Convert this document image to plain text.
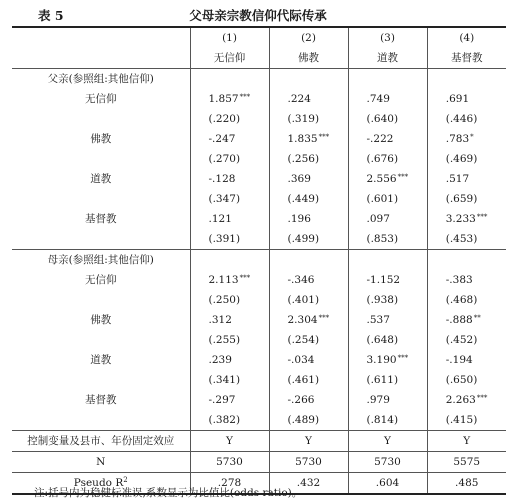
表 5	父母亲宗教信仰代际传承
	(1)	(2)	(3)	(4)
	无信仰	佛教	道教	基督教
父亲(参照组:其他信仰)				
无信仰	1.857***	.224	.749	.691
	(.220)	(.319)	(.640)	(.446)
佛教	-.247	1.835***	-.222	.783*
	(.270)	(.256)	(.676)	(.469)
道教	-.128	.369	2.556***	.517
	(.347)	(.449)	(.601)	(.659)
基督教	.121	.196	.097	3.233***
	(.391)	(.499)	(.853)	(.453)
母亲(参照组:其他信仰)				
无信仰	2.113***	-.346	-1.152	-.383
	(.250)	(.401)	(.938)	(.468)
佛教	.312	2.304***	.537	-.888**
	(.255)	(.254)	(.648)	(.452)
道教	.239	-.034	3.190***	-.194
	(.341)	(.461)	(.611)	(.650)
基督教	-.297	-.266	.979	2.263***
	(.382)	(.489)	(.814)	(.415)
控制变量及县市、年份固定效应	Y	Y	Y	Y
N	5730	5730	5730	5575
Pseudo $R^2$	.278	.432	.604	.485
注:括号内为稳健标准误,系数显示为比值比(odds ratio)。
